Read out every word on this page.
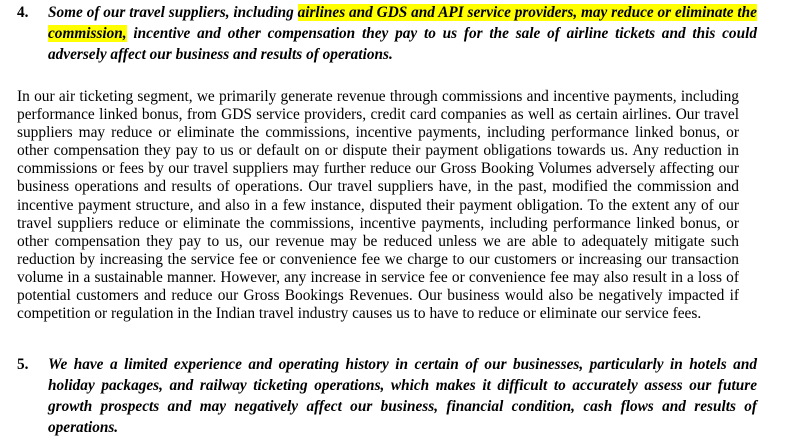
4. Some of our travel suppliers, including airlines and GDS and API service providers, may reduce or eliminate the commission, incentive and other compensation they pay to us for the sale of airline tickets and this could adversely affect our business and results of operations.

In our air ticketing segment, we primarily generate revenue through commissions and incentive payments, including performance linked bonus, from GDS service providers, credit card companies as well as certain airlines. Our travel suppliers may reduce or eliminate the commissions, incentive payments, including performance linked bonus, or other compensation they pay to us or default on or dispute their payment obligations towards us. Any reduction in commissions or fees by our travel suppliers may further reduce our Gross Booking Volumes adversely affecting our business operations and results of operations. Our travel suppliers have, in the past, modified the commission and incentive payment structure, and also in a few instance, disputed their payment obligation. To the extent any of our travel suppliers reduce or eliminate the commissions, incentive payments, including performance linked bonus, or other compensation they pay to us, our revenue may be reduced unless we are able to adequately mitigate such reduction by increasing the service fee or convenience fee we charge to our customers or increasing our transaction volume in a sustainable manner. However, any increase in service fee or convenience fee may also result in a loss of potential customers and reduce our Gross Bookings Revenues. Our business would also be negatively impacted if competition or regulation in the Indian travel industry causes us to have to reduce or eliminate our service fees.

5. We have a limited experience and operating history in certain of our businesses, particularly in hotels and holiday packages, and railway ticketing operations, which makes it difficult to accurately assess our future growth prospects and may negatively affect our business, financial condition, cash flows and results of operations.
